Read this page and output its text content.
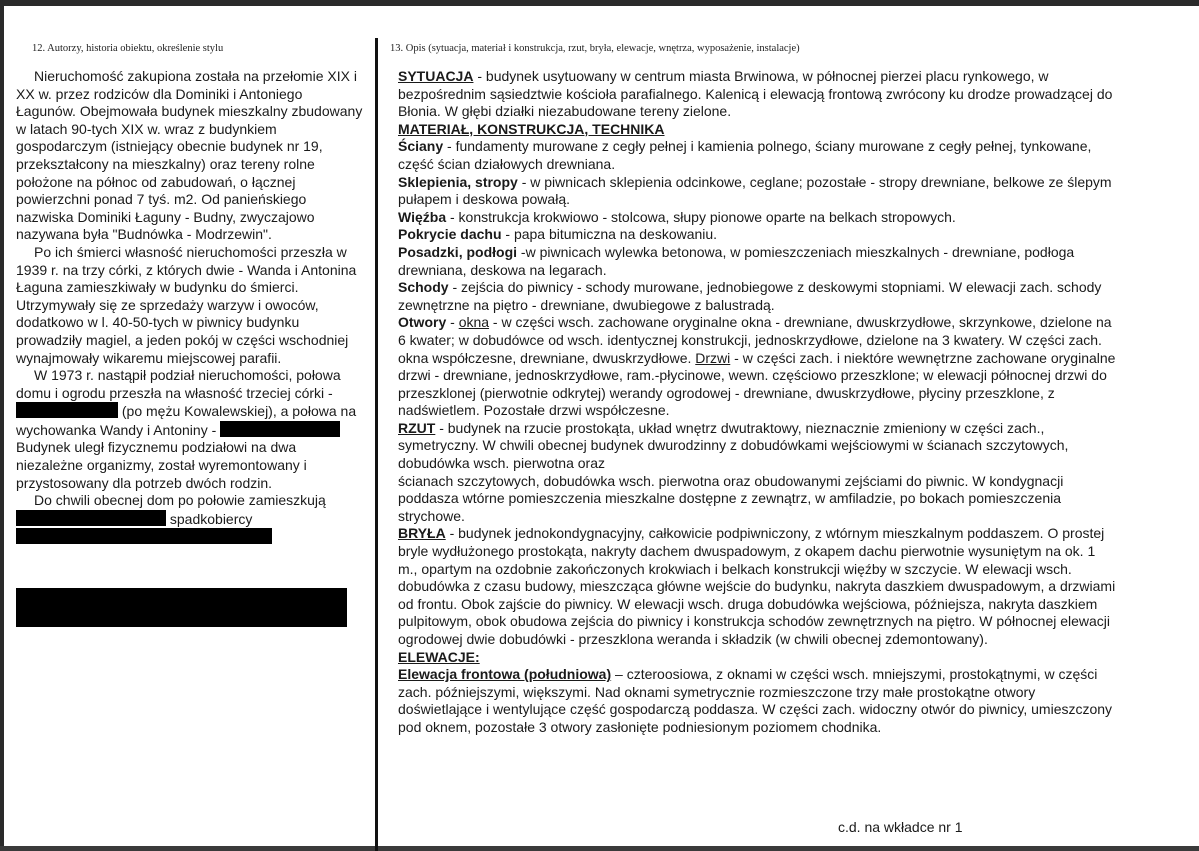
12. Autorzy, historia obiektu, określenie stylu	13. Opis (sytuacja, materiał i konstrukcja, rzut, bryła, elewacje, wnętrza, wyposażenie, instalacje)

Nieruchomość zakupiona została na przełomie XIX i XX w. przez rodziców dla Dominiki i Antoniego Łagunów. Obejmowała budynek mieszkalny zbudowany w latach 90-tych XIX w. wraz z budynkiem gospodarczym (istniejący obecnie budynek nr 19, przekształcony na mieszkalny) oraz tereny rolne położone na północ od zabudowań, o łącznej powierzchni ponad 7 tyś. m2. Od panieńskiego nazwiska Dominiki Łaguny - Budny, zwyczajowo nazywana była "Budnówka - Modrzewin".

Po ich śmierci własność nieruchomości przeszła w 1939 r. na trzy córki, z których dwie - Wanda i Antonina Łaguna zamieszkiwały w budynku do śmierci. Utrzymywały się ze sprzedaży warzyw i owoców, dodatkowo w l. 40-50-tych w piwnicy budynku prowadziły magiel, a jeden pokój w części wschodniej wynajmowały wikaremu miejscowej parafii.

W 1973 r. nastąpił podział nieruchomości, połowa domu i ogrodu przeszła na własność trzeciej córki -  (po mężu Kowalewskiej), a połowa na wychowanka Wandy i Antoniny -  Budynek uległ fizycznemu podziałowi na dwa niezależne organizmy, został wyremontowany i przystosowany dla potrzeb dwóch rodzin.

Do chwili obecnej dom po połowie zamieszkują  spadkobiercy

SYTUACJA - budynek usytuowany w centrum miasta Brwinowa, w północnej pierzei placu rynkowego, w bezpośrednim sąsiedztwie kościoła parafialnego. Kalenicą i elewacją frontową zwrócony ku drodze prowadzącej do Błonia. W głębi działki niezabudowane tereny zielone.

MATERIAŁ, KONSTRUKCJA, TECHNIKA

Ściany - fundamenty murowane z cegły pełnej i kamienia polnego, ściany murowane z cegły pełnej, tynkowane, część ścian działowych drewniana.

Sklepienia, stropy - w piwnicach sklepienia odcinkowe, ceglane; pozostałe - stropy drewniane, belkowe ze ślepym pułapem i deskowa powałą.

Więźba - konstrukcja krokwiowo - stolcowa, słupy pionowe oparte na belkach stropowych.

Pokrycie dachu - papa bitumiczna na deskowaniu.

Posadzki, podłogi -w piwnicach wylewka betonowa, w pomieszczeniach mieszkalnych - drewniane, podłoga drewniana, deskowa na legarach.

Schody - zejścia do piwnicy - schody murowane, jednobiegowe z deskowymi stopniami. W elewacji zach. schody zewnętrzne na piętro - drewniane, dwubiegowe z balustradą.

Otwory - okna - w części wsch. zachowane oryginalne okna - drewniane, dwuskrzydłowe, skrzynkowe, dzielone na 6 kwater; w dobudówce od wsch. identycznej konstrukcji, jednoskrzydłowe, dzielone na 3 kwatery. W części zach. okna współczesne, drewniane, dwuskrzydłowe. Drzwi - w części zach. i niektóre wewnętrzne zachowane oryginalne drzwi - drewniane, jednoskrzydłowe, ram.-płycinowe, wewn. częściowo przeszklone; w elewacji północnej drzwi do przeszklonej (pierwotnie odkrytej) werandy ogrodowej - drewniane, dwuskrzydłowe, płyciny przeszklone, z nadświetlem. Pozostałe drzwi współczesne.

RZUT - budynek na rzucie prostokąta, układ wnętrz dwutraktowy, nieznacznie zmieniony w części zach., symetryczny. W chwili obecnej budynek dwurodzinny z dobudówkami wejściowymi w ścianach szczytowych, dobudówka wsch. pierwotna oraz

ścianach szczytowych, dobudówka wsch. pierwotna oraz obudowanymi zejściami do piwnic. W kondygnacji poddasza wtórne pomieszczenia mieszkalne dostępne z zewnątrz, w amfiladzie, po bokach pomieszczenia strychowe.

BRYŁA - budynek jednokondygnacyjny, całkowicie podpiwniczony, z wtórnym mieszkalnym poddaszem. O prostej bryle wydłużonego prostokąta, nakryty dachem dwuspadowym, z okapem dachu pierwotnie wysuniętym na ok. 1 m., opartym na ozdobnie zakończonych krokwiach i belkach konstrukcji więźby w szczycie. W elewacji wsch. dobudówka z czasu budowy, mieszcząca główne wejście do budynku, nakryta daszkiem dwuspadowym, a drzwiami od frontu. Obok zajście do piwnicy. W elewacji wsch. druga dobudówka wejściowa, późniejsza, nakryta daszkiem pulpitowym, obok obudowa zejścia do piwnicy i konstrukcja schodów zewnętrznych na piętro. W północnej elewacji ogrodowej dwie dobudówki - przeszklona weranda i składzik (w chwili obecnej zdemontowany).

ELEWACJE:

Elewacja frontowa (południowa) – czteroosiowa, z oknami w części wsch. mniejszymi, prostokątnymi, w części zach. późniejszymi, większymi. Nad oknami symetrycznie rozmieszczone trzy małe prostokątne otwory doświetlające i wentylujące część gospodarczą poddasza. W części zach. widoczny otwór do piwnicy, umieszczony pod oknem, pozostałe 3 otwory zasłonięte podniesionym poziomem chodnika.

c.d. na wkładce nr 1
